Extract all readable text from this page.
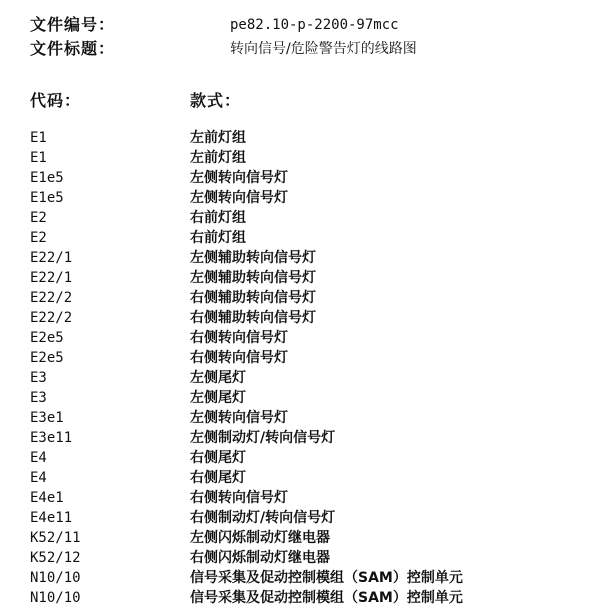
文件编号：	pe82.10-p-2200-97mcc
文件标题：	转向信号/危险警告灯的线路图
代码：	款式：
E1	左前灯组
E1	左前灯组
E1e5	左侧转向信号灯
E1e5	左侧转向信号灯
E2	右前灯组
E2	右前灯组
E22/1	左侧辅助转向信号灯
E22/1	左侧辅助转向信号灯
E22/2	右侧辅助转向信号灯
E22/2	右侧辅助转向信号灯
E2e5	右侧转向信号灯
E2e5	右侧转向信号灯
E3	左侧尾灯
E3	左侧尾灯
E3e1	左侧转向信号灯
E3e11	左侧制动灯/转向信号灯
E4	右侧尾灯
E4	右侧尾灯
E4e1	右侧转向信号灯
E4e11	右侧制动灯/转向信号灯
K52/11	左侧闪烁制动灯继电器
K52/12	右侧闪烁制动灯继电器
N10/10	信号采集及促动控制模组（SAM）控制单元
N10/10	信号采集及促动控制模组（SAM）控制单元
